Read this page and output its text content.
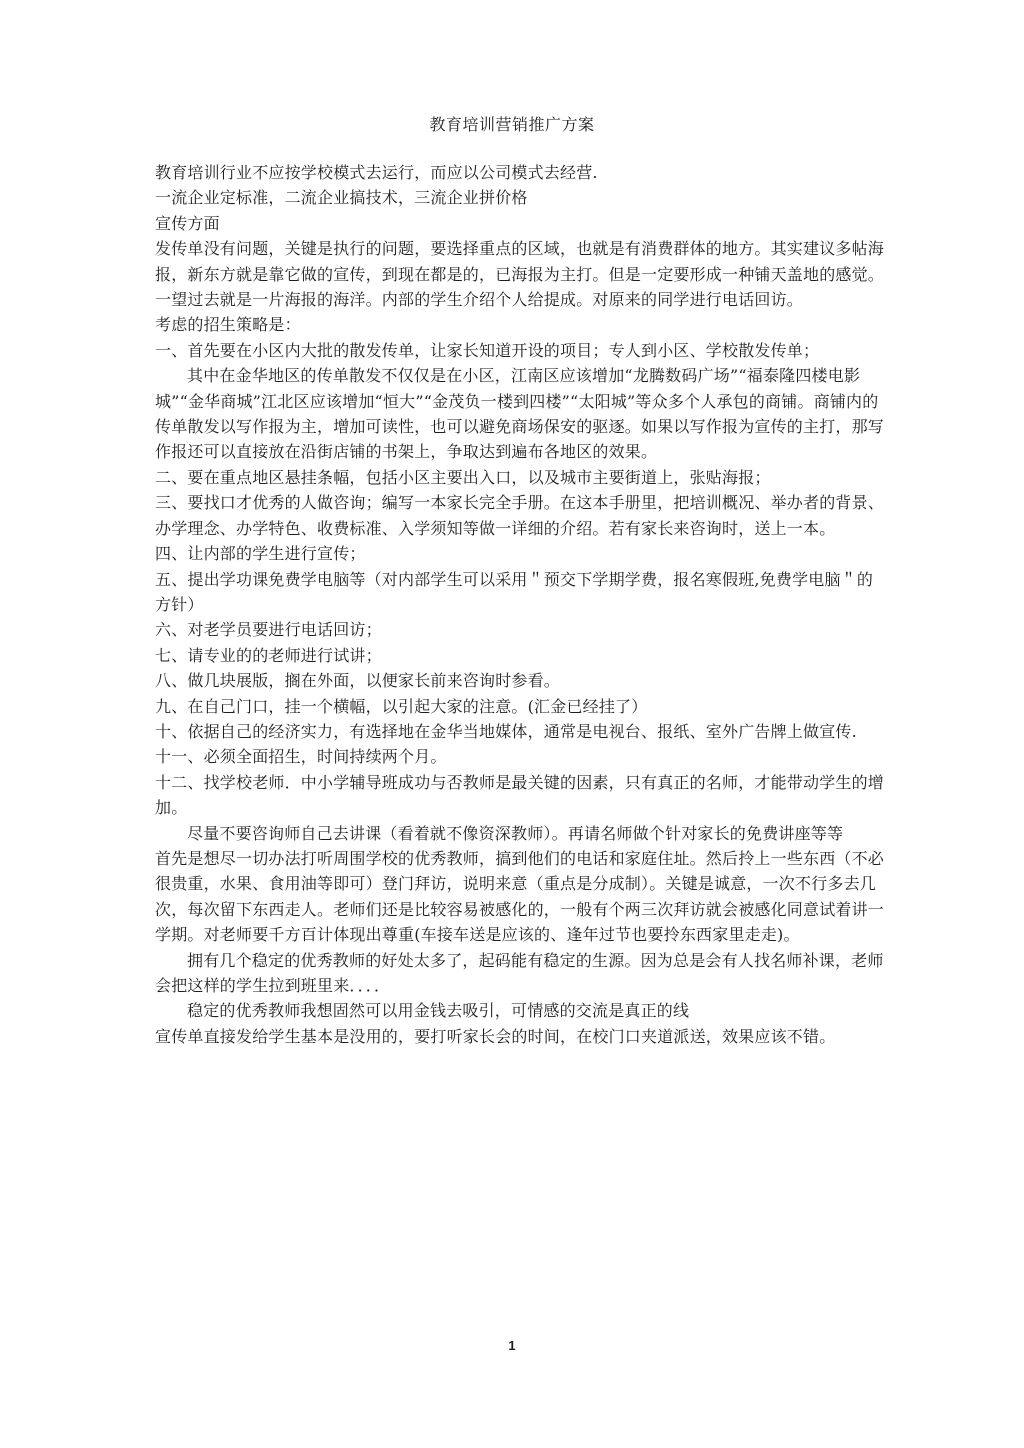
教育培训营销推广方案

教育培训行业不应按学校模式去运行，而应以公司模式去经营.

一流企业定标准，二流企业搞技术，三流企业拼价格

宣传方面

发传单没有问题，关键是执行的问题，要选择重点的区域，也就是有消费群体的地方。其实建议多帖海报，新东方就是靠它做的宣传，到现在都是的，已海报为主打。但是一定要形成一种铺天盖地的感觉。一望过去就是一片海报的海洋。内部的学生介绍个人给提成。对原来的同学进行电话回访。

考虑的招生策略是：

一、首先要在小区内大批的散发传单，让家长知道开设的项目；专人到小区、学校散发传单；

其中在金华地区的传单散发不仅仅是在小区，江南区应该增加“龙腾数码广场”“福泰隆四楼电影城”“金华商城”江北区应该增加“恒大”“金茂负一楼到四楼”“太阳城”等众多个人承包的商铺。商铺内的传单散发以写作报为主，增加可读性，也可以避免商场保安的驱逐。如果以写作报为宣传的主打，那写作报还可以直接放在沿街店铺的书架上，争取达到遍布各地区的效果。

二、要在重点地区悬挂条幅，包括小区主要出入口，以及城市主要街道上，张贴海报；

三、要找口才优秀的人做咨询；编写一本家长完全手册。在这本手册里，把培训概况、举办者的背景、办学理念、办学特色、收费标准、入学须知等做一详细的介绍。若有家长来咨询时，送上一本。

四、让内部的学生进行宣传；

五、提出学功课免费学电脑等（对内部学生可以采用＂预交下学期学费，报名寒假班,免费学电脑＂的方针）

六、对老学员要进行电话回访；

七、请专业的的老师进行试讲；

八、做几块展版，搁在外面，以便家长前来咨询时参看。

九、在自己门口，挂一个横幅，以引起大家的注意。(汇金已经挂了）

十、依据自己的经济实力，有选择地在金华当地媒体，通常是电视台、报纸、室外广告牌上做宣传.

十一、必须全面招生，时间持续两个月。

十二、找学校老师．中小学辅导班成功与否教师是最关键的因素，只有真正的名师，才能带动学生的增加。

尽量不要咨询师自己去讲课（看着就不像资深教师）。再请名师做个针对家长的免费讲座等等

首先是想尽一切办法打听周围学校的优秀教师，搞到他们的电话和家庭住址。然后拎上一些东西（不必很贵重，水果、食用油等即可）登门拜访，说明来意（重点是分成制）。关键是诚意，一次不行多去几次，每次留下东西走人。老师们还是比较容易被感化的，一般有个两三次拜访就会被感化同意试着讲一学期。对老师要千方百计体现出尊重(车接车送是应该的、逢年过节也要拎东西家里走走)。

拥有几个稳定的优秀教师的好处太多了，起码能有稳定的生源。因为总是会有人找名师补课，老师会把这样的学生拉到班里来．．．．

稳定的优秀教师我想固然可以用金钱去吸引，可情感的交流是真正的线

宣传单直接发给学生基本是没用的，要打听家长会的时间，在校门口夹道派送，效果应该不错。

1
